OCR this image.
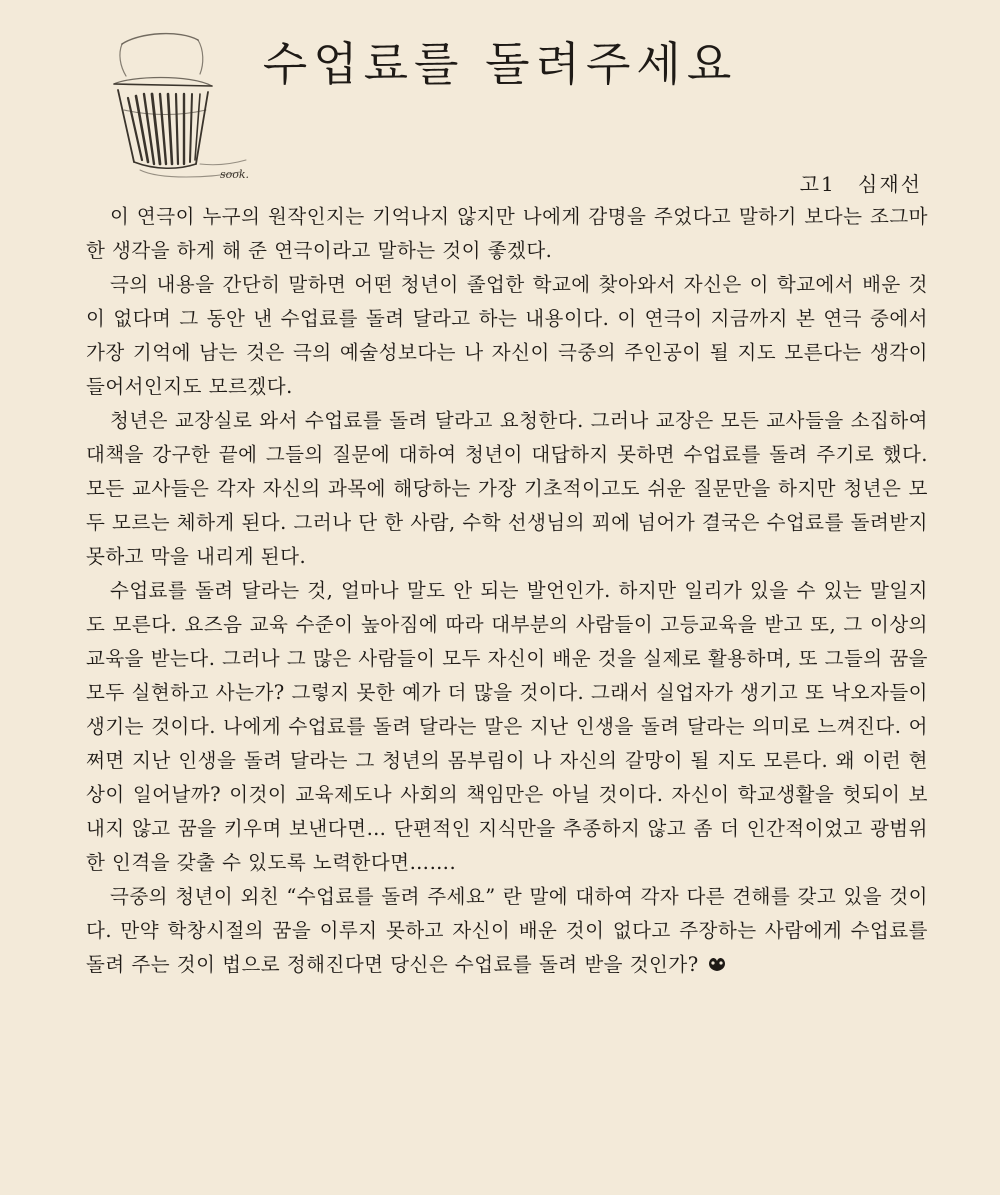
sook.
수업료를 돌려주세요
고1 심재선

이 연극이 누구의 원작인지는 기억나지 않지만 나에게 감명을 주었다고 말하기 보다는 조그마한 생각을 하게 해 준 연극이라고 말하는 것이 좋겠다.

극의 내용을 간단히 말하면 어떤 청년이 졸업한 학교에 찾아와서 자신은 이 학교에서 배운 것이 없다며 그 동안 낸 수업료를 돌려 달라고 하는 내용이다. 이 연극이 지금까지 본 연극 중에서 가장 기억에 남는 것은 극의 예술성보다는 나 자신이 극중의 주인공이 될 지도 모른다는 생각이 들어서인지도 모르겠다.

청년은 교장실로 와서 수업료를 돌려 달라고 요청한다. 그러나 교장은 모든 교사들을 소집하여 대책을 강구한 끝에 그들의 질문에 대하여 청년이 대답하지 못하면 수업료를 돌려 주기로 했다. 모든 교사들은 각자 자신의 과목에 해당하는 가장 기초적이고도 쉬운 질문만을 하지만 청년은 모두 모르는 체하게 된다. 그러나 단 한 사람, 수학 선생님의 꾀에 넘어가 결국은 수업료를 돌려받지 못하고 막을 내리게 된다.

수업료를 돌려 달라는 것, 얼마나 말도 안 되는 발언인가. 하지만 일리가 있을 수 있는 말일지도 모른다. 요즈음 교육 수준이 높아짐에 따라 대부분의 사람들이 고등교육을 받고 또, 그 이상의 교육을 받는다. 그러나 그 많은 사람들이 모두 자신이 배운 것을 실제로 활용하며, 또 그들의 꿈을 모두 실현하고 사는가? 그렇지 못한 예가 더 많을 것이다. 그래서 실업자가 생기고 또 낙오자들이 생기는 것이다. 나에게 수업료를 돌려 달라는 말은 지난 인생을 돌려 달라는 의미로 느껴진다. 어쩌면 지난 인생을 돌려 달라는 그 청년의 몸부림이 나 자신의 갈망이 될 지도 모른다. 왜 이런 현상이 일어날까? 이것이 교육제도나 사회의 책임만은 아닐 것이다. 자신이 학교생활을 헛되이 보내지 않고 꿈을 키우며 보낸다면… 단편적인 지식만을 추종하지 않고 좀 더 인간적이었고 광범위한 인격을 갖출 수 있도록 노력한다면…….

극중의 청년이 외친 “수업료를 돌려 주세요” 란 말에 대하여 각자 다른 견해를 갖고 있을 것이다. 만약 학창시절의 꿈을 이루지 못하고 자신이 배운 것이 없다고 주장하는 사람에게 수업료를 돌려 주는 것이 법으로 정해진다면 당신은 수업료를 돌려 받을 것인가?
